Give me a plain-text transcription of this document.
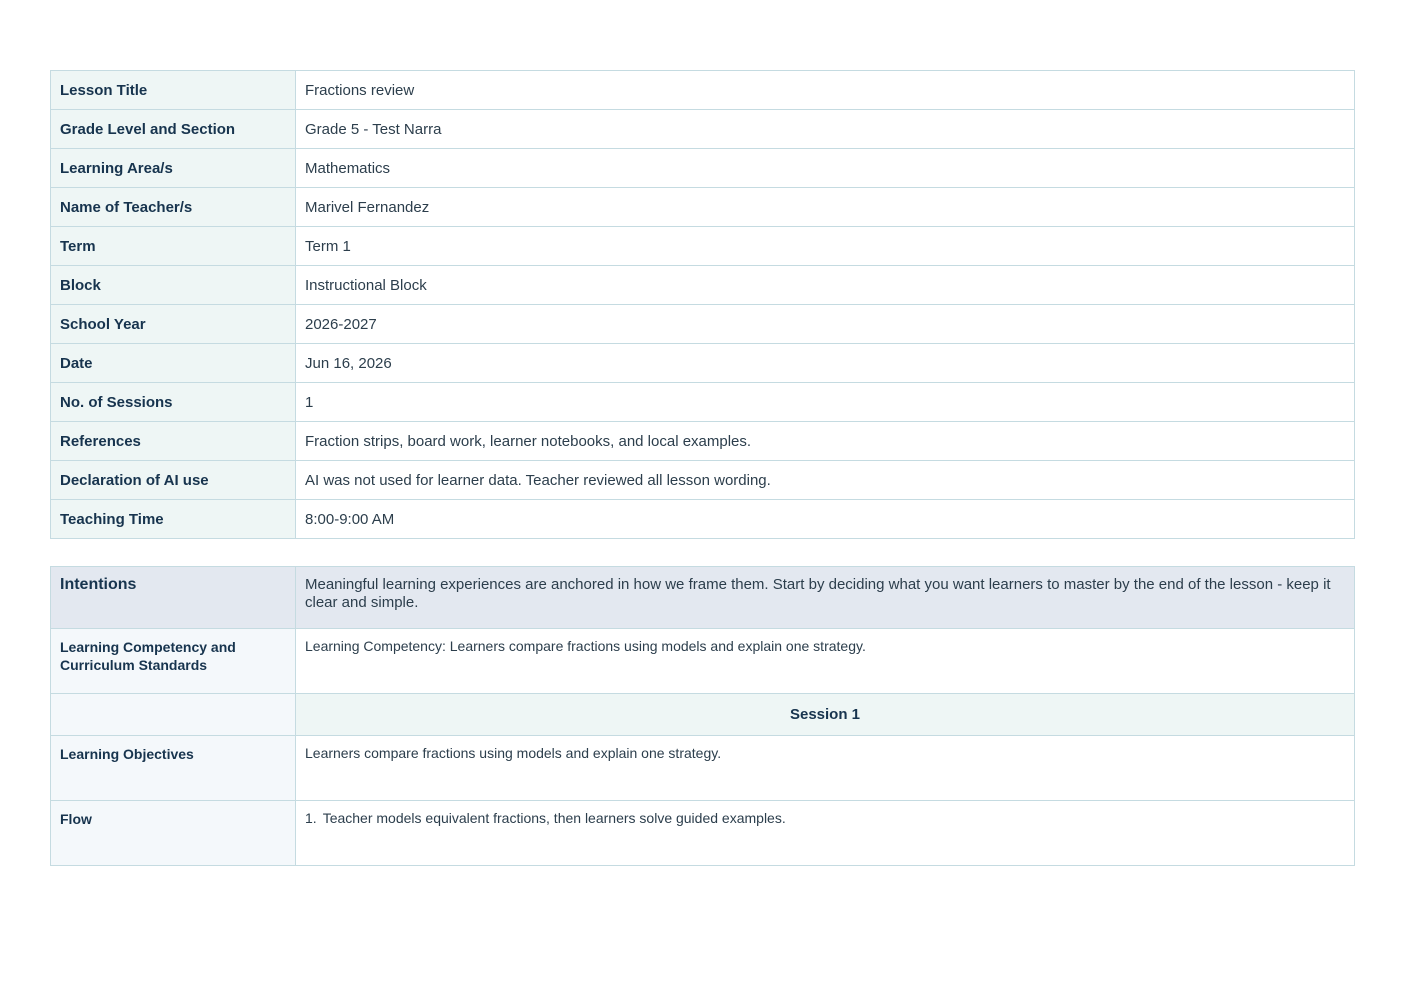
Lesson Title	Fractions review
Grade Level and Section	Grade 5 - Test Narra
Learning Area/s	Mathematics
Name of Teacher/s	Marivel Fernandez
Term	Term 1
Block	Instructional Block
School Year	2026-2027
Date	Jun 16, 2026
No. of Sessions	1
References	Fraction strips, board work, learner notebooks, and local examples.
Declaration of AI use	AI was not used for learner data. Teacher reviewed all lesson wording.
Teaching Time	8:00-9:00 AM
Intentions	Meaningful learning experiences are anchored in how we frame them. Start by deciding what you want learners to master by the end of the lesson - keep it clear and simple.
Learning Competency and Curriculum Standards	Learning Competency: Learners compare fractions using models and explain one strategy.
	Session 1
Learning Objectives	Learners compare fractions using models and explain one strategy.
Flow	1. Teacher models equivalent fractions, then learners solve guided examples.
